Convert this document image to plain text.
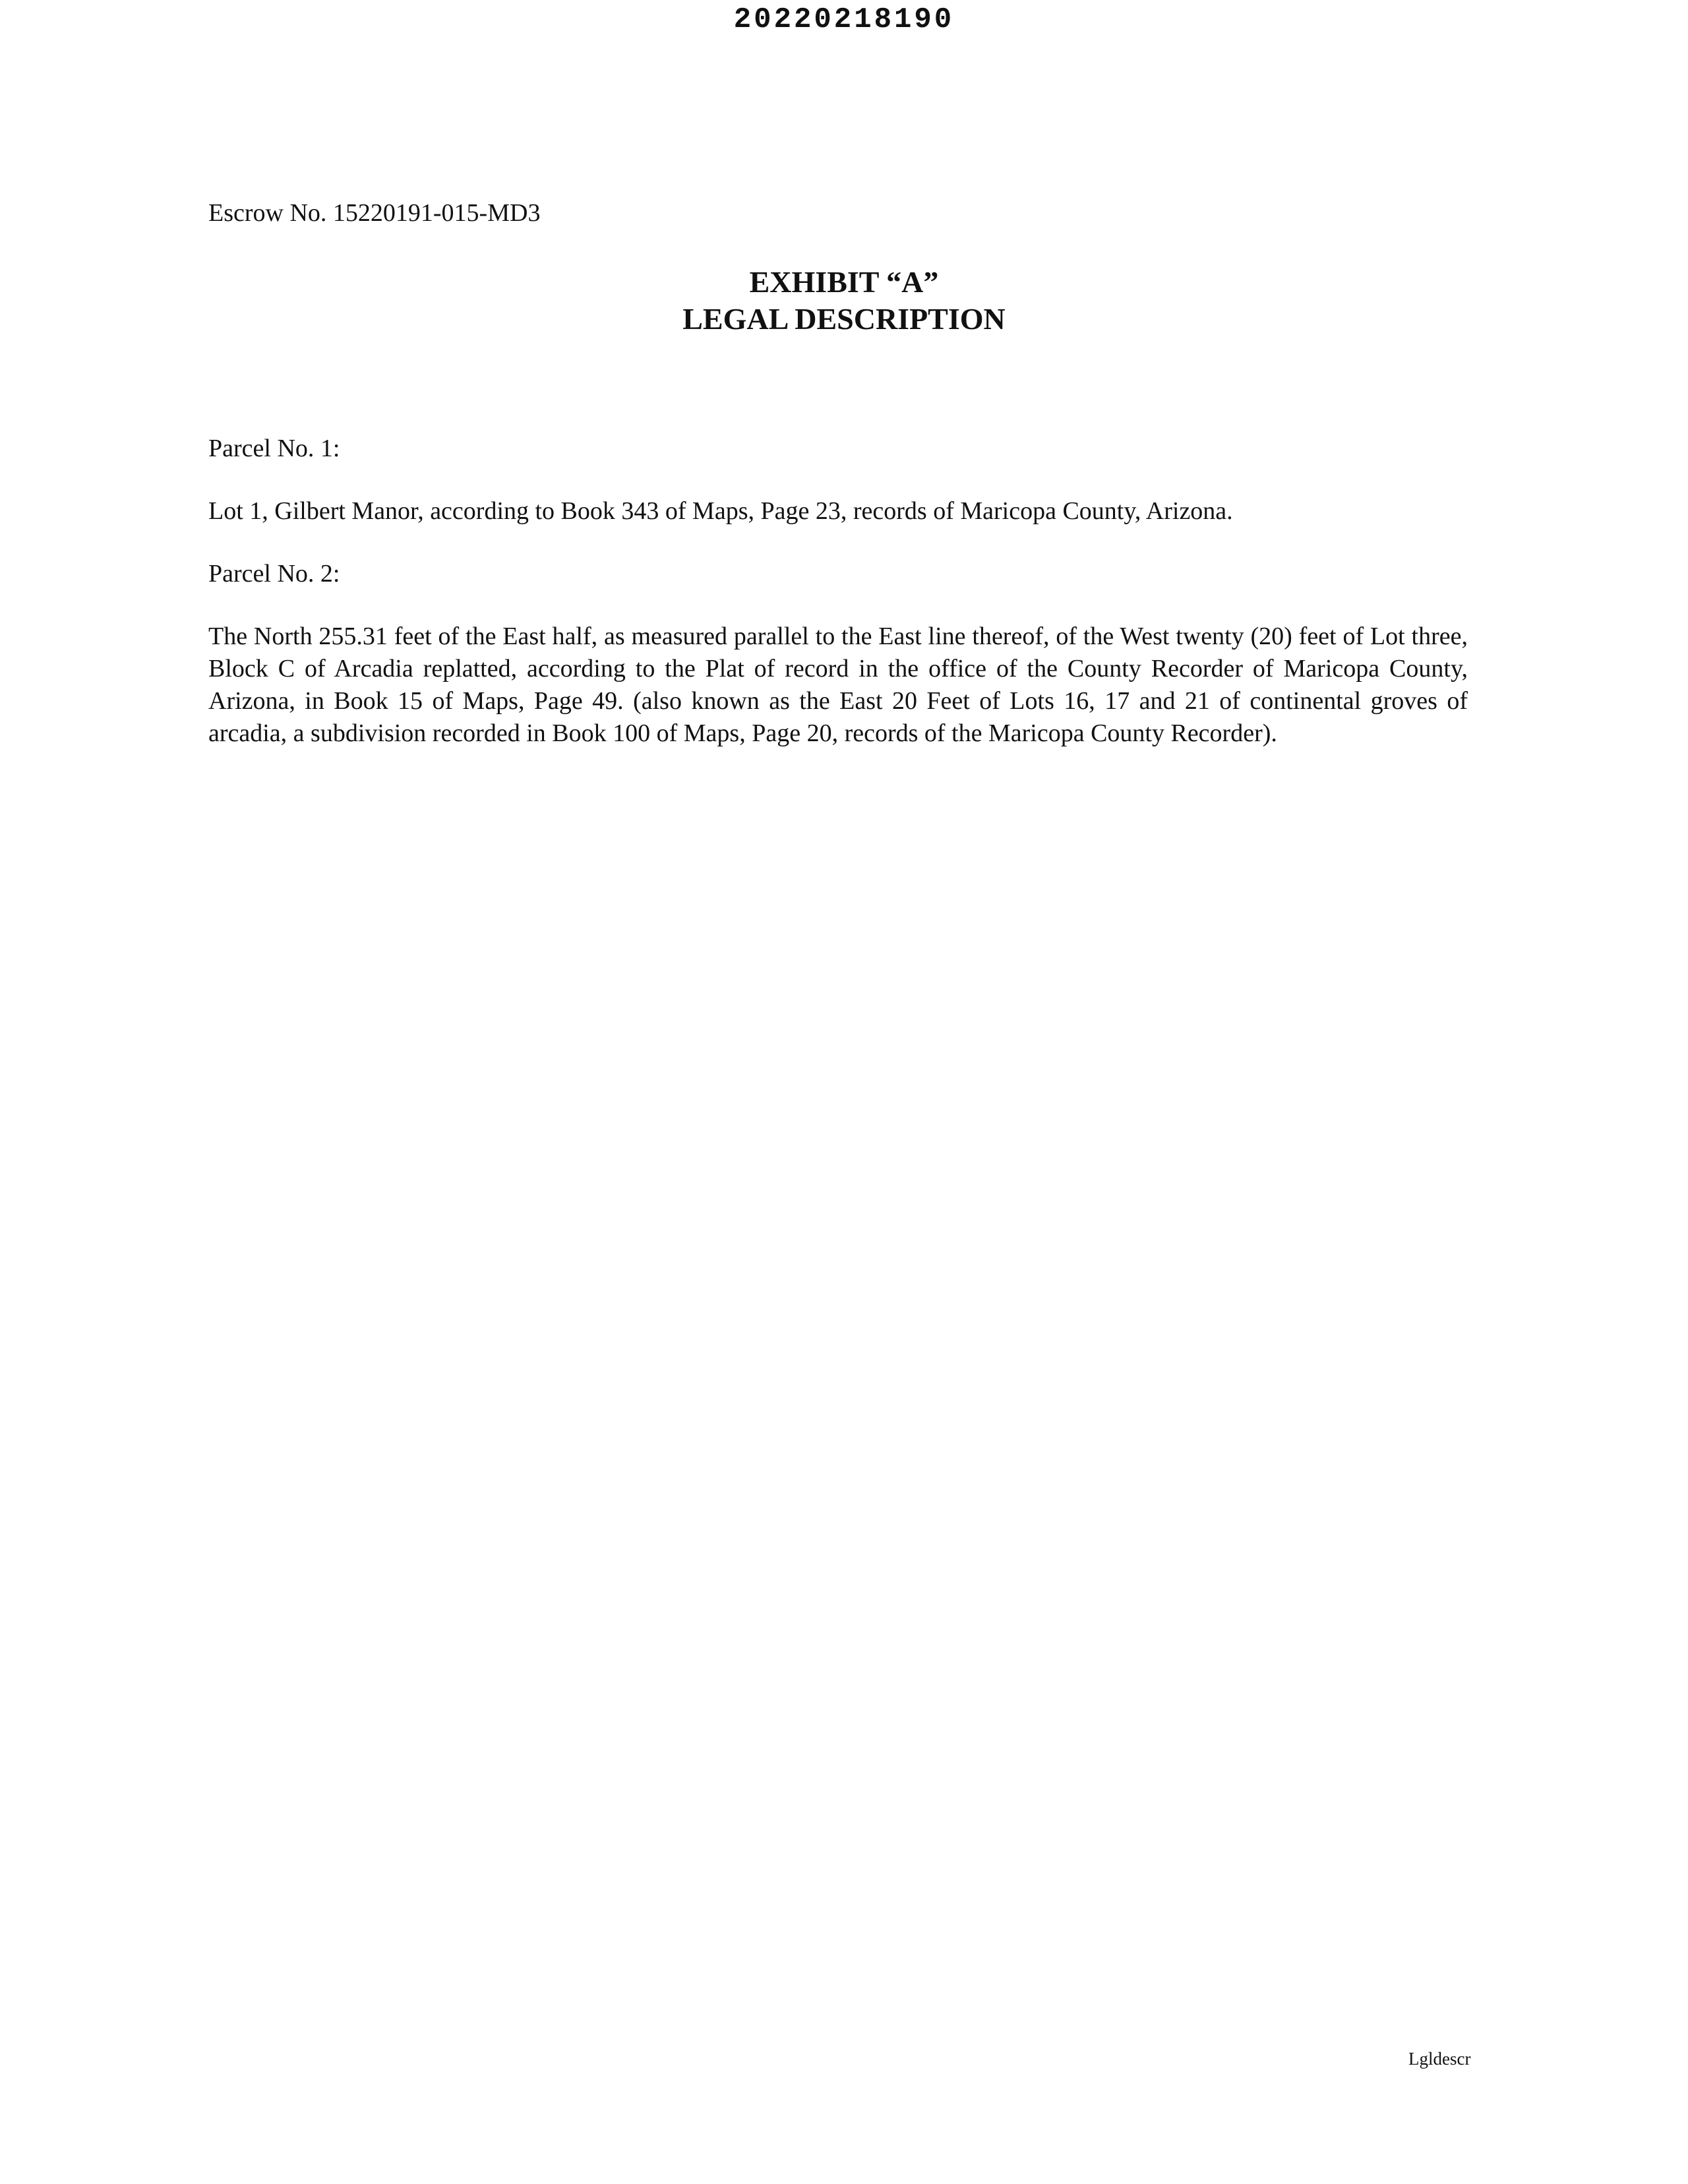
20220218190
Escrow No. 15220191-015-MD3
EXHIBIT “A”
LEGAL DESCRIPTION

Parcel No. 1:

Lot 1, Gilbert Manor, according to Book 343 of Maps, Page 23, records of Maricopa County, Arizona.

Parcel No. 2:

The North 255.31 feet of the East half, as measured parallel to the East line thereof, of the West twenty (20) feet of Lot three, Block C of Arcadia replatted, according to the Plat of record in the office of the County Recorder of Maricopa County, Arizona, in Book 15 of Maps, Page 49. (also known as the East 20 Feet of Lots 16, 17 and 21 of continental groves of arcadia, a subdivision recorded in Book 100 of Maps, Page 20, records of the Maricopa County Recorder).

Lgldescr
